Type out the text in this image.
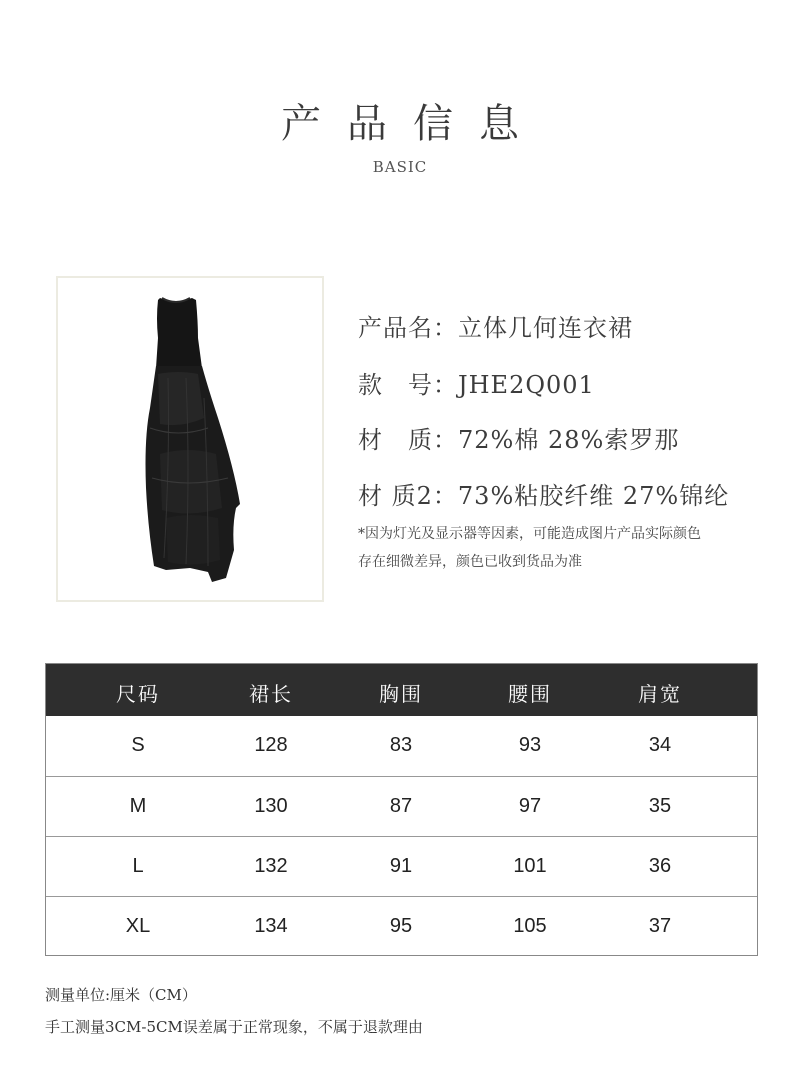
产品信息
BASIC
产品名：立体几何连衣裙
款　号：JHE2Q001
材　质：72%棉 28%索罗那
材 质2：73%粘胶纤维 27%锦纶
*因为灯光及显示器等因素，可能造成图片产品实际颜色
存在细微差异，颜色已收到货品为准
尺码	裙长	胸围	腰围	肩宽
S	128	83	93	34
M	130	87	97	35
L	132	91	101	36
XL	134	95	105	37
测量单位:厘米（CM）
手工测量3CM-5CM误差属于正常现象，不属于退款理由
